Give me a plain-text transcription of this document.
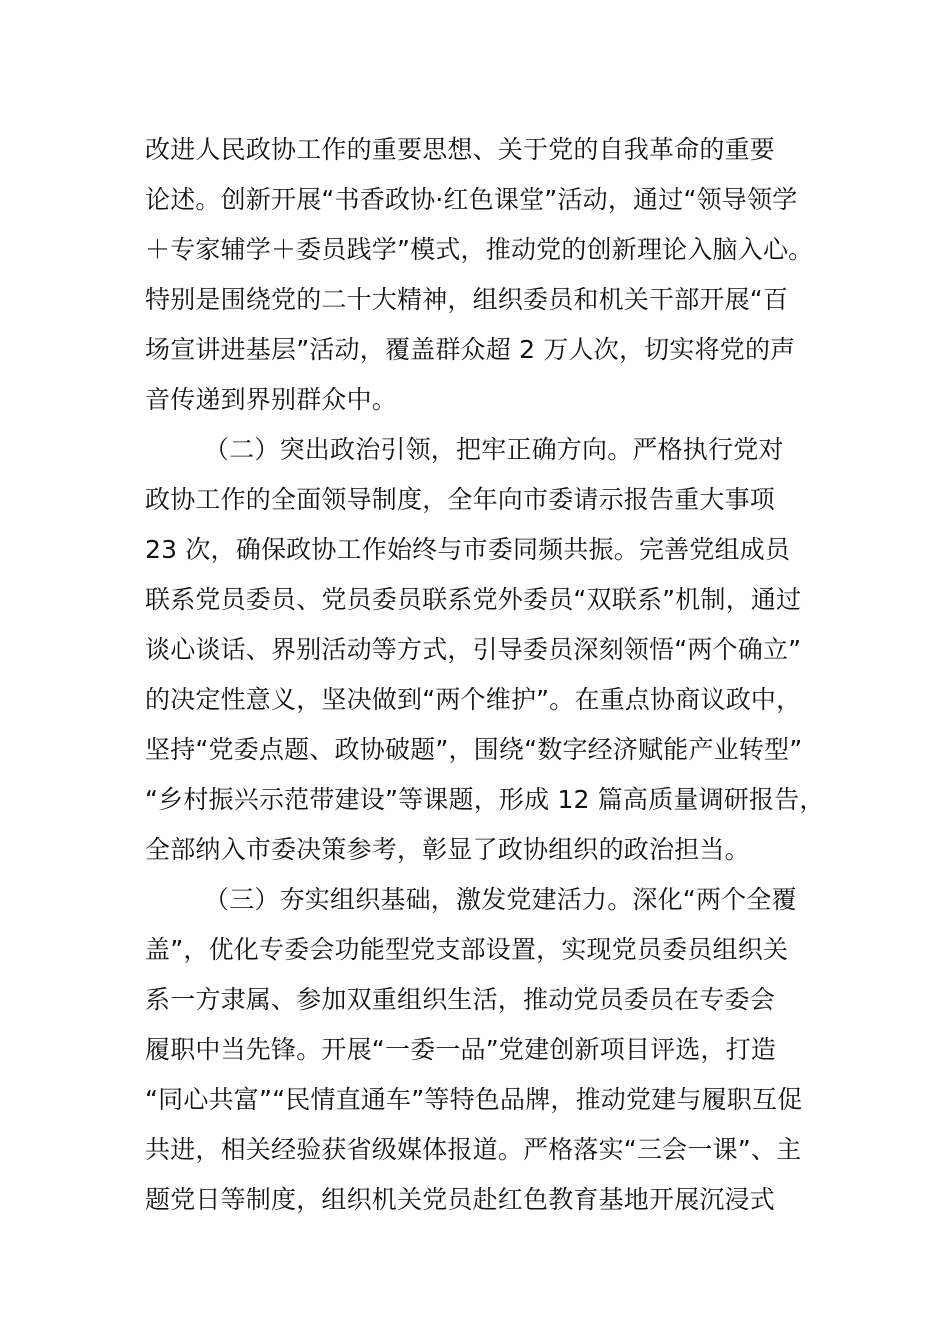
改进人民政协工作的重要思想、关于党的自我革命的重要
论述。创新开展“书香政协·红色课堂”活动，通过“领导领学
＋专家辅学＋委员践学”模式，推动党的创新理论入脑入心。
特别是围绕党的二十大精神，组织委员和机关干部开展“百
场宣讲进基层”活动，覆盖群众超 2 万人次，切实将党的声
音传递到界别群众中。
（二）突出政治引领，把牢正确方向。严格执行党对
政协工作的全面领导制度，全年向市委请示报告重大事项
23 次，确保政协工作始终与市委同频共振。完善党组成员
联系党员委员、党员委员联系党外委员“双联系”机制，通过
谈心谈话、界别活动等方式，引导委员深刻领悟“两个确立”
的决定性意义，坚决做到“两个维护”。在重点协商议政中，
坚持“党委点题、政协破题”，围绕“数字经济赋能产业转型”
“乡村振兴示范带建设”等课题，形成 12 篇高质量调研报告，
全部纳入市委决策参考，彰显了政协组织的政治担当。
（三）夯实组织基础，激发党建活力。深化“两个全覆
盖”，优化专委会功能型党支部设置，实现党员委员组织关
系一方隶属、参加双重组织生活，推动党员委员在专委会
履职中当先锋。开展“一委一品”党建创新项目评选，打造
“同心共富”“民情直通车”等特色品牌，推动党建与履职互促
共进，相关经验获省级媒体报道。严格落实“三会一课”、主
题党日等制度，组织机关党员赴红色教育基地开展沉浸式
